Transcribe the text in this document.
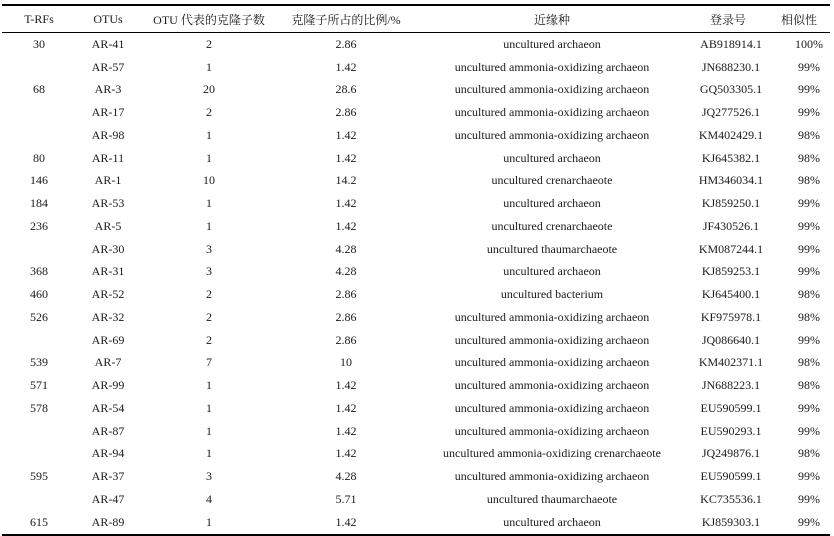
T-RFs	OTUs	OTU 代表的克隆子数	克隆子所占的比例/%	近缘种	登录号	相似性
30	AR-41	2	2.86	uncultured archaeon	AB918914.1	100%
	AR-57	1	1.42	uncultured ammonia-oxidizing archaeon	JN688230.1	99%
68	AR-3	20	28.6	uncultured ammonia-oxidizing archaeon	GQ503305.1	99%
	AR-17	2	2.86	uncultured ammonia-oxidizing archaeon	JQ277526.1	99%
	AR-98	1	1.42	uncultured ammonia-oxidizing archaeon	KM402429.1	98%
80	AR-11	1	1.42	uncultured archaeon	KJ645382.1	98%
146	AR-1	10	14.2	uncultured crenarchaeote	HM346034.1	98%
184	AR-53	1	1.42	uncultured archaeon	KJ859250.1	99%
236	AR-5	1	1.42	uncultured crenarchaeote	JF430526.1	99%
	AR-30	3	4.28	uncultured thaumarchaeote	KM087244.1	99%
368	AR-31	3	4.28	uncultured archaeon	KJ859253.1	99%
460	AR-52	2	2.86	uncultured bacterium	KJ645400.1	98%
526	AR-32	2	2.86	uncultured ammonia-oxidizing archaeon	KF975978.1	98%
	AR-69	2	2.86	uncultured ammonia-oxidizing archaeon	JQ086640.1	99%
539	AR-7	7	10	uncultured ammonia-oxidizing archaeon	KM402371.1	98%
571	AR-99	1	1.42	uncultured ammonia-oxidizing archaeon	JN688223.1	98%
578	AR-54	1	1.42	uncultured ammonia-oxidizing archaeon	EU590599.1	99%
	AR-87	1	1.42	uncultured ammonia-oxidizing archaeon	EU590293.1	99%
	AR-94	1	1.42	uncultured ammonia-oxidizing crenarchaeote	JQ249876.1	98%
595	AR-37	3	4.28	uncultured ammonia-oxidizing archaeon	EU590599.1	99%
	AR-47	4	5.71	uncultured thaumarchaeote	KC735536.1	99%
615	AR-89	1	1.42	uncultured archaeon	KJ859303.1	99%
